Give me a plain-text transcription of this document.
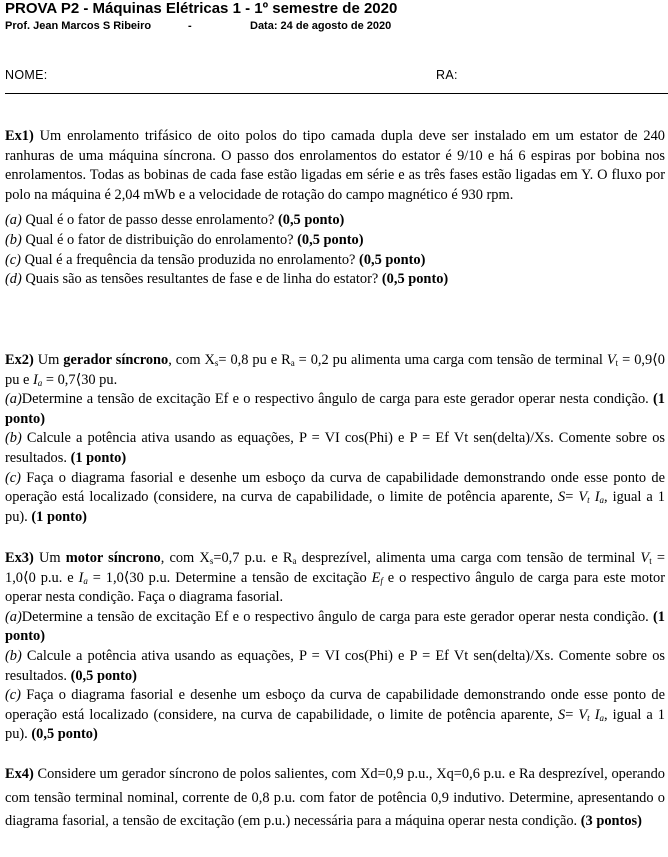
PROVA P2 - Máquinas Elétricas 1 - 1º semestre de 2020
Prof. Jean Marcos S Ribeiro	-	Data: 24 de agosto de 2020
NOME:	RA:

Ex1) Um enrolamento trifásico de oito polos do tipo camada dupla deve ser instalado em um estator de 240 ranhuras de uma máquina síncrona. O passo dos enrolamentos do estator é 9/10 e há 6 espiras por bobina nos enrolamentos. Todas as bobinas de cada fase estão ligadas em série e as três fases estão ligadas em Y. O fluxo por polo na máquina é 2,04 mWb e a velocidade de rotação do campo magnético é 930 rpm.

(a) Qual é o fator de passo desse enrolamento? (0,5 ponto)

(b) Qual é o fator de distribuição do enrolamento? (0,5 ponto)

(c) Qual é a frequência da tensão produzida no enrolamento? (0,5 ponto)

(d) Quais são as tensões resultantes de fase e de linha do estator? (0,5 ponto)

Ex2) Um gerador síncrono, com $X_s= 0,8$ pu e $R_a = 0,2$ pu alimenta uma carga com tensão de terminal $V_t$ = 0,9⟨0 pu e $I_a$ = 0,7⟨30 pu.

(a)Determine a tensão de excitação Ef e o respectivo ângulo de carga para este gerador operar nesta condição. (1 ponto)

(b) Calcule a potência ativa usando as equações, P = VI cos(Phi) e P = Ef Vt sen(delta)/Xs. Comente sobre os resultados. (1 ponto)

(c) Faça o diagrama fasorial e desenhe um esboço da curva de capabilidade demonstrando onde esse ponto de operação está localizado (considere, na curva de capabilidade, o limite de potência aparente, $S= V_t$ $I_a$, igual a 1 pu). (1 ponto)

Ex3) Um motor síncrono, com $X_s=0,7$ p.u. e $R_a$ desprezível, alimenta uma carga com tensão de terminal $V_t$ = 1,0⟨0 p.u. e $I_a$ = 1,0⟨30 p.u. Determine a tensão de excitação $E_f$ e o respectivo ângulo de carga para este motor operar nesta condição. Faça o diagrama fasorial.

(a)Determine a tensão de excitação Ef e o respectivo ângulo de carga para este gerador operar nesta condição. (1 ponto)

(b) Calcule a potência ativa usando as equações, P = VI cos(Phi) e P = Ef Vt sen(delta)/Xs. Comente sobre os resultados. (0,5 ponto)

(c) Faça o diagrama fasorial e desenhe um esboço da curva de capabilidade demonstrando onde esse ponto de operação está localizado (considere, na curva de capabilidade, o limite de potência aparente, $S= V_t$ $I_a$, igual a 1 pu). (0,5 ponto)

Ex4) Considere um gerador síncrono de polos salientes, com Xd=0,9 p.u., Xq=0,6 p.u. e Ra desprezível, operando com tensão terminal nominal, corrente de 0,8 p.u. com fator de potência 0,9 indutivo. Determine, apresentando o diagrama fasorial, a tensão de excitação (em p.u.) necessária para a máquina operar nesta condição. (3 pontos)
